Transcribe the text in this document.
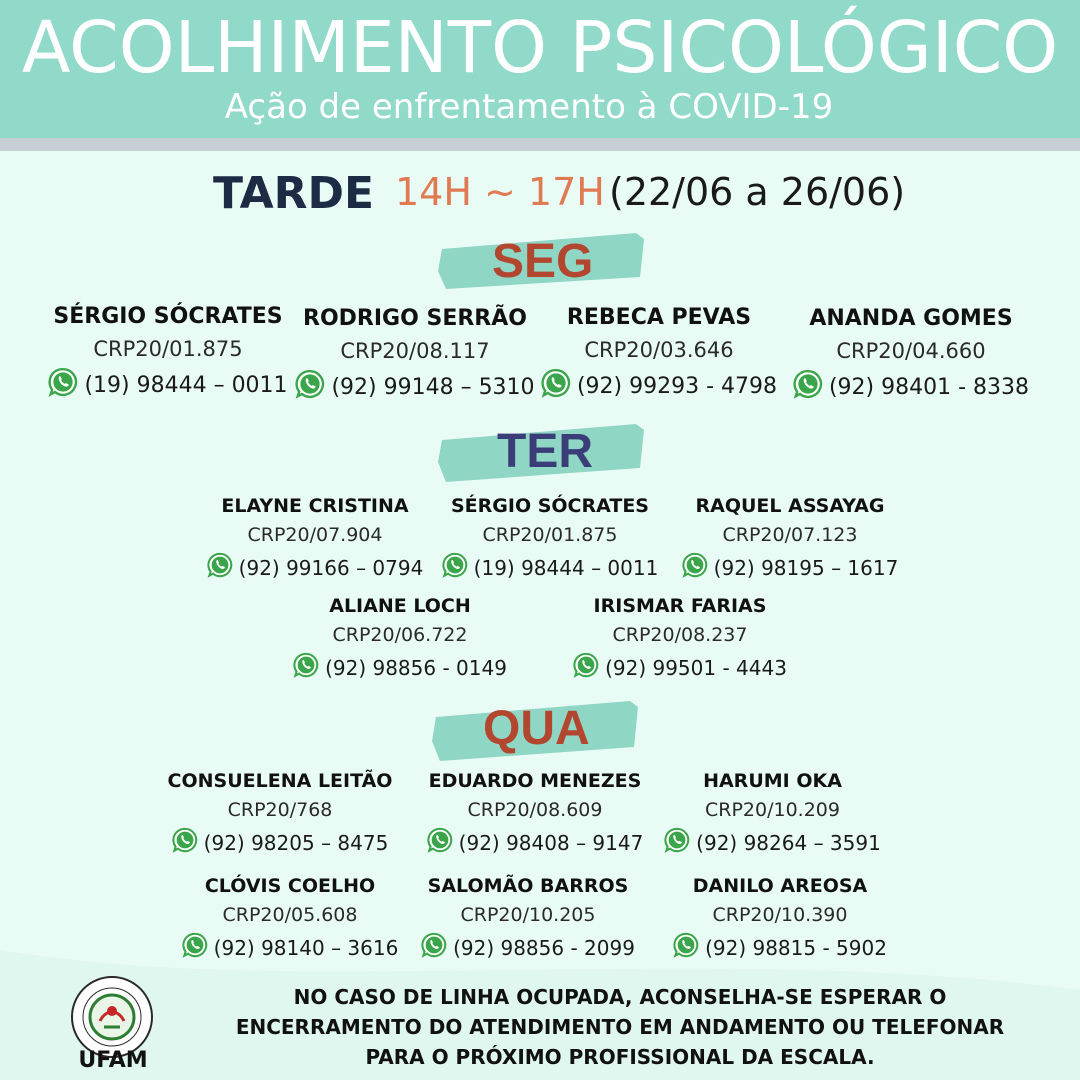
ACOLHIMENTO PSICOLÓGICO
Ação de enfrentamento à COVID-19
TARDE 14H ~ 17H (22/06 a 26/06)
SEG
TER
QUA
SÉRGIO SÓCRATES
CRP20/01.875
(19) 98444 – 0011
RODRIGO SERRÃO
CRP20/08.117
(92) 99148 – 5310
REBECA PEVAS
CRP20/03.646
(92) 99293 - 4798
ANANDA GOMES
CRP20/04.660
(92) 98401 - 8338
ELAYNE CRISTINA
CRP20/07.904
(92) 99166 – 0794
SÉRGIO SÓCRATES
CRP20/01.875
(19) 98444 – 0011
RAQUEL ASSAYAG
CRP20/07.123
(92) 98195 – 1617
ALIANE LOCH
CRP20/06.722
(92) 98856 - 0149
IRISMAR FARIAS
CRP20/08.237
(92) 99501 - 4443
CONSUELENA LEITÃO
CRP20/768
(92) 98205 – 8475
EDUARDO MENEZES
CRP20/08.609
(92) 98408 – 9147
HARUMI OKA
CRP20/10.209
(92) 98264 – 3591
CLÓVIS COELHO
CRP20/05.608
(92) 98140 – 3616
SALOMÃO BARROS
CRP20/10.205
(92) 98856 - 2099
DANILO AREOSA
CRP20/10.390
(92) 98815 - 5902
UFAM
NO CASO DE LINHA OCUPADA, ACONSELHA-SE ESPERAR O
ENCERRAMENTO DO ATENDIMENTO EM ANDAMENTO OU TELEFONAR
PARA O PRÓXIMO PROFISSIONAL DA ESCALA.
